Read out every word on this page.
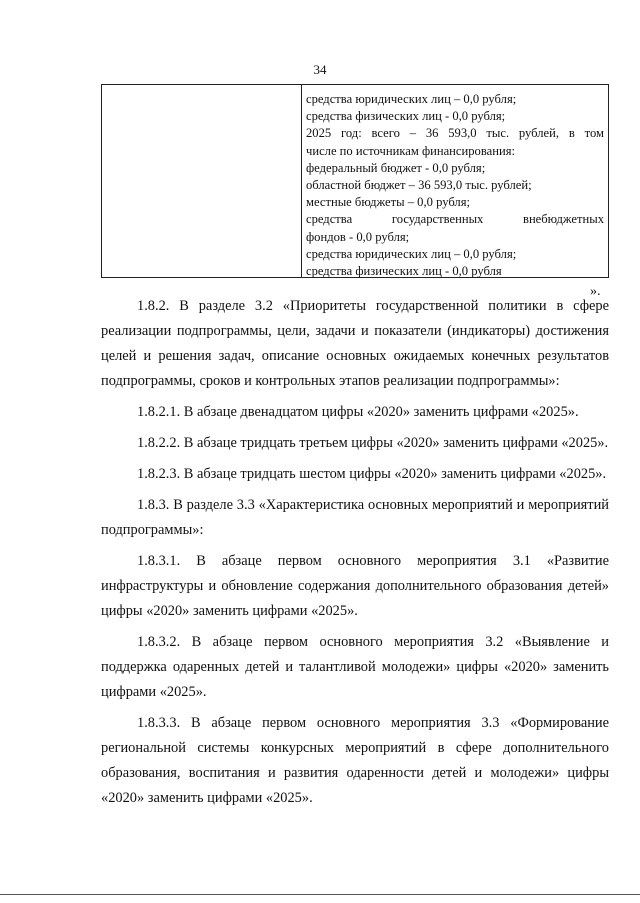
34
средства юридических лиц – 0,0 рубля;
средства физических лиц - 0,0 рубля;
2025 год: всего – 36 593,0 тыс. рублей, в том
числе по источникам финансирования:
федеральный бюджет - 0,0 рубля;
областной бюджет – 36 593,0 тыс. рублей;
местные бюджеты – 0,0 рубля;
средства государственных внебюджетных
фондов - 0,0 рубля;
средства юридических лиц – 0,0 рубля;
средства физических лиц - 0,0 рубля
».

1.8.2. В разделе 3.2 «Приоритеты государственной политики в сфере реализации подпрограммы, цели, задачи и показатели (индикаторы) достижения целей и решения задач, описание основных ожидаемых конечных результатов подпрограммы, сроков и контрольных этапов реализации подпрограммы»:

1.8.2.1. В абзаце двенадцатом цифры «2020» заменить цифрами «2025».

1.8.2.2. В абзаце тридцать третьем цифры «2020» заменить цифрами «2025».

1.8.2.3. В абзаце тридцать шестом цифры «2020» заменить цифрами «2025».

1.8.3. В разделе 3.3 «Характеристика основных мероприятий и мероприятий подпрограммы»:

1.8.3.1. В абзаце первом основного мероприятия 3.1 «Развитие инфраструктуры и обновление содержания дополнительного образования детей» цифры «2020» заменить цифрами «2025».

1.8.3.2. В абзаце первом основного мероприятия 3.2 «Выявление и поддержка одаренных детей и талантливой молодежи» цифры «2020» заменить цифрами «2025».

1.8.3.3. В абзаце первом основного мероприятия 3.3 «Формирование региональной системы конкурсных мероприятий в сфере дополнительного образования, воспитания и развития одаренности детей и молодежи» цифры «2020» заменить цифрами «2025».
